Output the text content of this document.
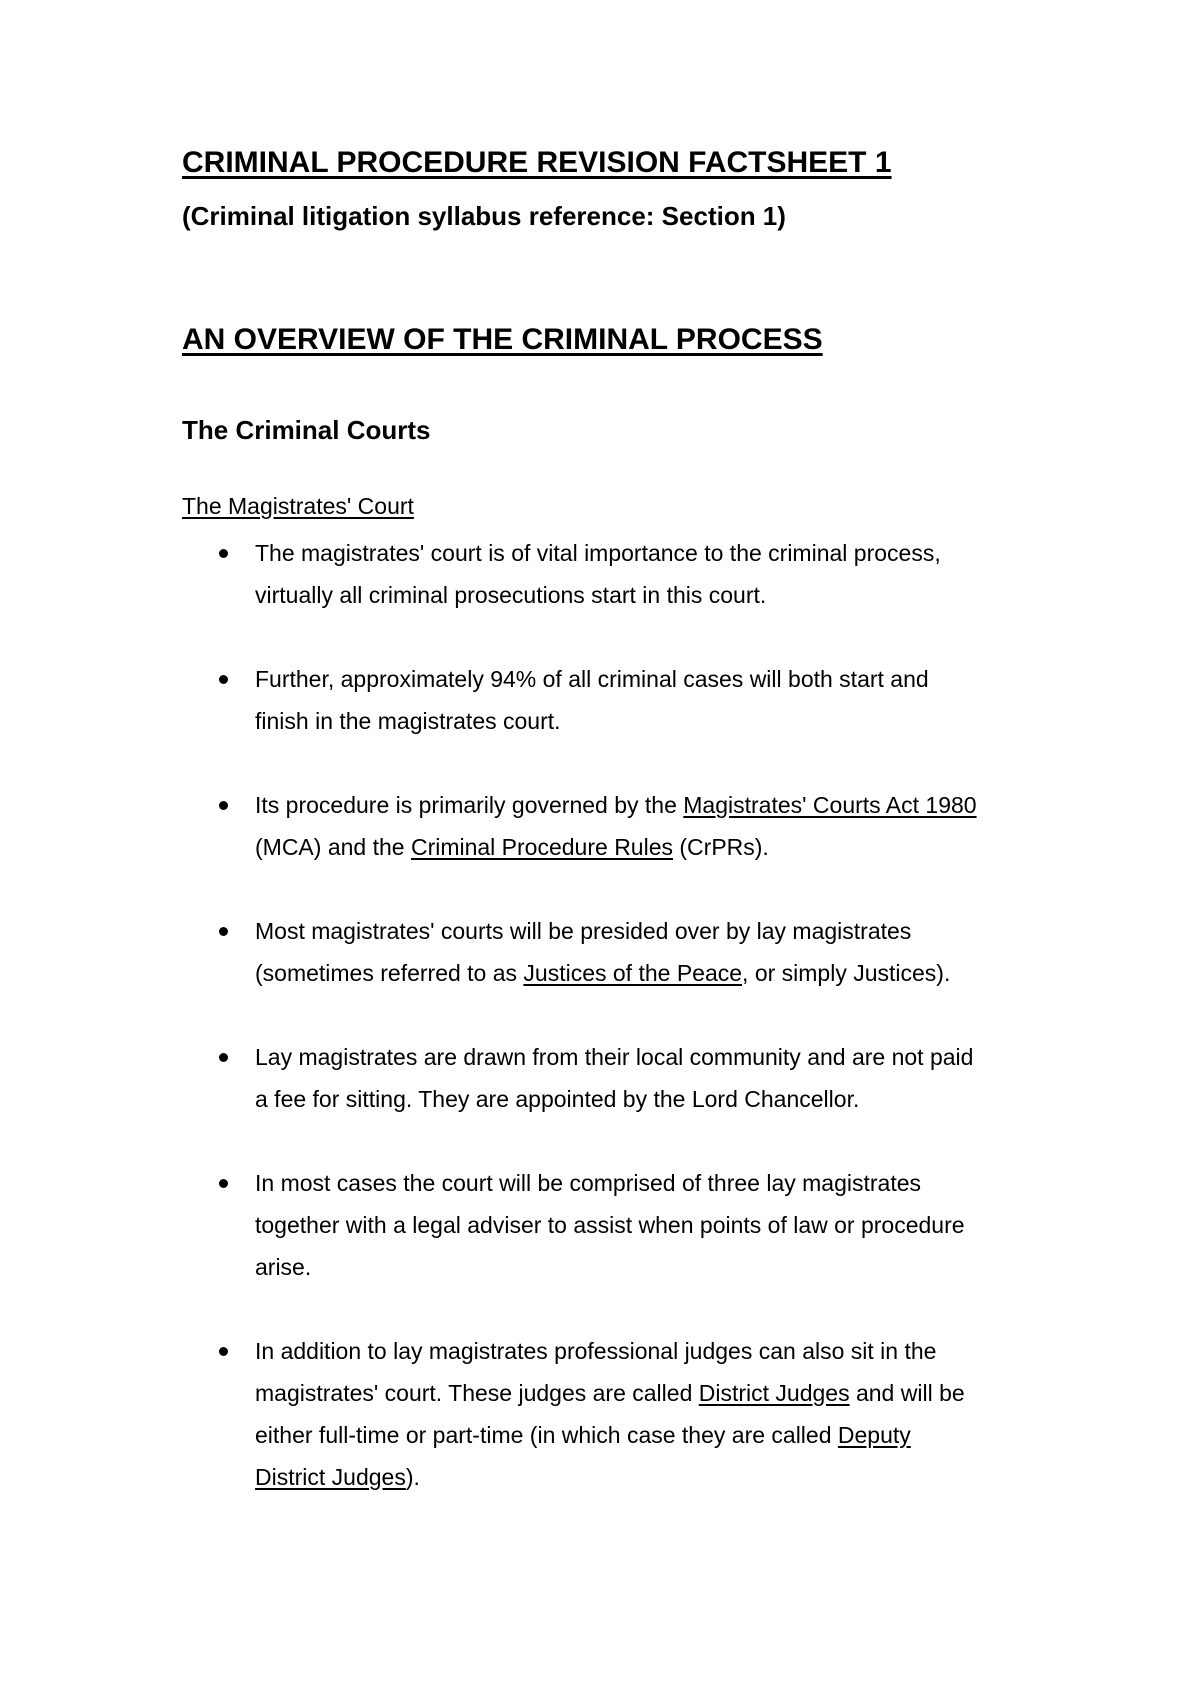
CRIMINAL PROCEDURE REVISION FACTSHEET 1
(Criminal litigation syllabus reference: Section 1)
AN OVERVIEW OF THE CRIMINAL PROCESS
The Criminal Courts
The Magistrates' Court
The magistrates' court is of vital importance to the criminal process,
virtually all criminal prosecutions start in this court.
Further, approximately 94% of all criminal cases will both start and
finish in the magistrates court.
Its procedure is primarily governed by the Magistrates' Courts Act 1980
(MCA) and the Criminal Procedure Rules (CrPRs).
Most magistrates' courts will be presided over by lay magistrates
(sometimes referred to as Justices of the Peace, or simply Justices).
Lay magistrates are drawn from their local community and are not paid
a fee for sitting. They are appointed by the Lord Chancellor.
In most cases the court will be comprised of three lay magistrates
together with a legal adviser to assist when points of law or procedure
arise.
In addition to lay magistrates professional judges can also sit in the
magistrates' court. These judges are called District Judges and will be
either full-time or part-time (in which case they are called Deputy
District Judges).
